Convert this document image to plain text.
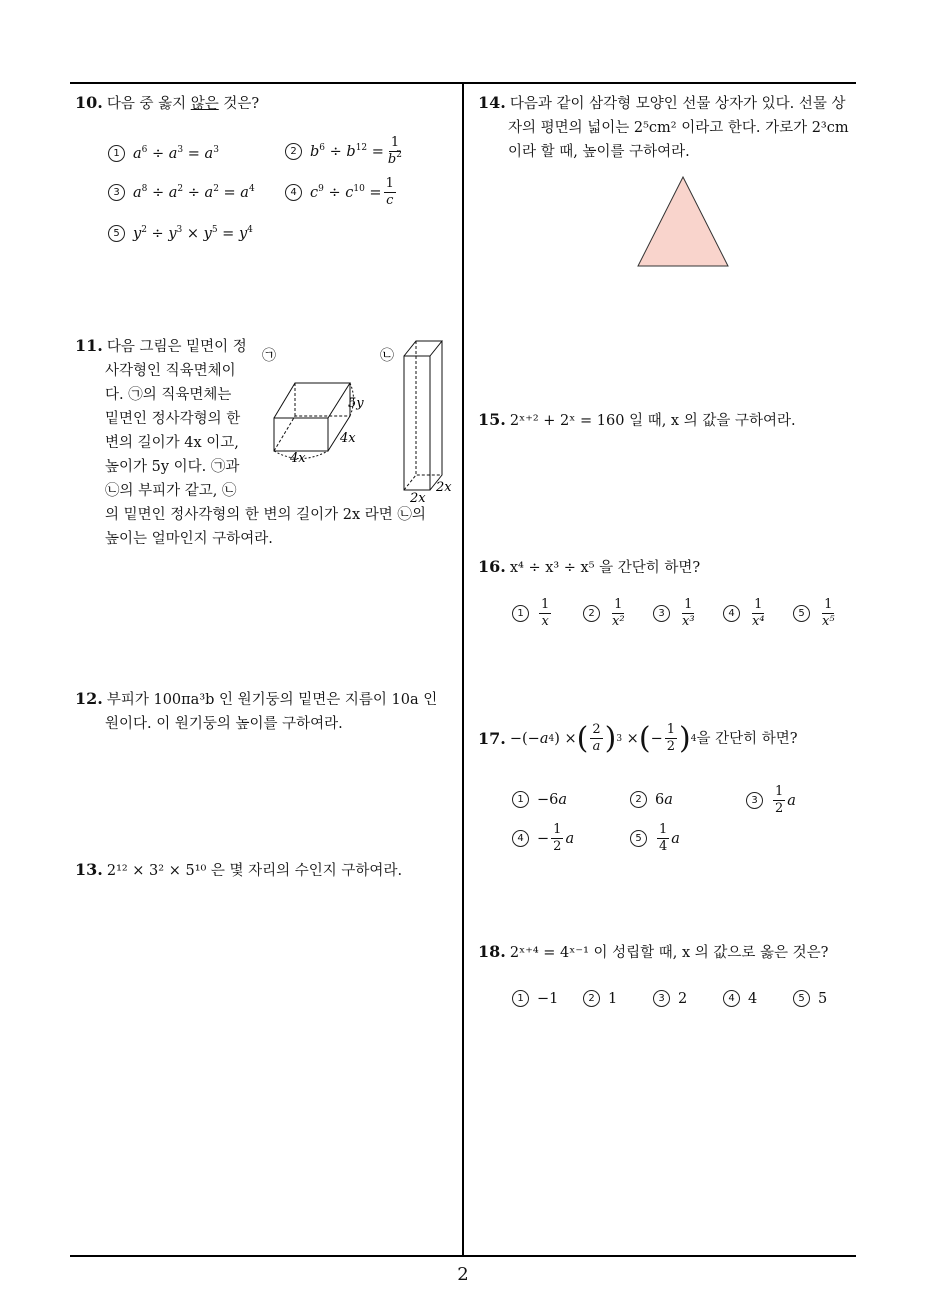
10. 다음 중 옳지 않은 것은?
1 $a^6 \div a^3 = a^3$	2 $b^6 \div b^{12} = \frac{1}{b^2}$
3 $a^8 \div a^2 \div a^2 = a^4$	4 $c^9 \div c^{10} = \frac{1}{c}$
5 $y^2 \div y^3 \times y^5 = y^4$
11. 다음 그림은 밑면이 정
사각형인 직육면체이
다. ㉠의 직육면체는
밑면인 정사각형의 한
변의 길이가 4x 이고,
높이가 5y 이다. ㉠과
㉡의 부피가 같고, ㉡
의 밑면인 정사각형의 한 변의 길이가 2x 라면 ㉡의
높이는 얼마인지 구하여라.
㉠	㉡
5y
4x
4x
2x
2x
12. 부피가 100πa³b 인 원기둥의 밑면은 지름이 10a 인
원이다. 이 원기둥의 높이를 구하여라.
13. 2¹² × 3² × 5¹⁰ 은 몇 자리의 수인지 구하여라.
14. 다음과 같이 삼각형 모양인 선물 상자가 있다. 선물 상
자의 평면의 넓이는 2⁵cm² 이라고 한다. 가로가 2³cm
이라 할 때, 높이를 구하여라.
15. 2ˣ⁺² + 2ˣ = 160 일 때, x 의 값을 구하여라.
16. x⁴ ÷ x³ ÷ x⁵ 을 간단히 하면?
1	$\frac{1}{x}$	2	$\frac{1}{\text{x²}}$	3	$\frac{1}{\text{x³}}$	4	$\frac{1}{\text{x⁴}}$	5	$\frac{1}{\text{x⁵}}$
17. −(− a 4 ) × ( $\frac{2}{a}$ ) 3 × ( − $\frac{1}{2}$ ) 4 을 간단히 하면?
1 −6a	2 6a	3	$\frac{1}{2}$ a
$4 - \frac{1}{2}$ a	5	$\frac{1}{4}$ a
18. 2ˣ⁺⁴ = 4ˣ⁻¹ 이 성립할 때, x 의 값으로 옳은 것은?
1 −1	2 1	3 2	4 4	5 5
2
